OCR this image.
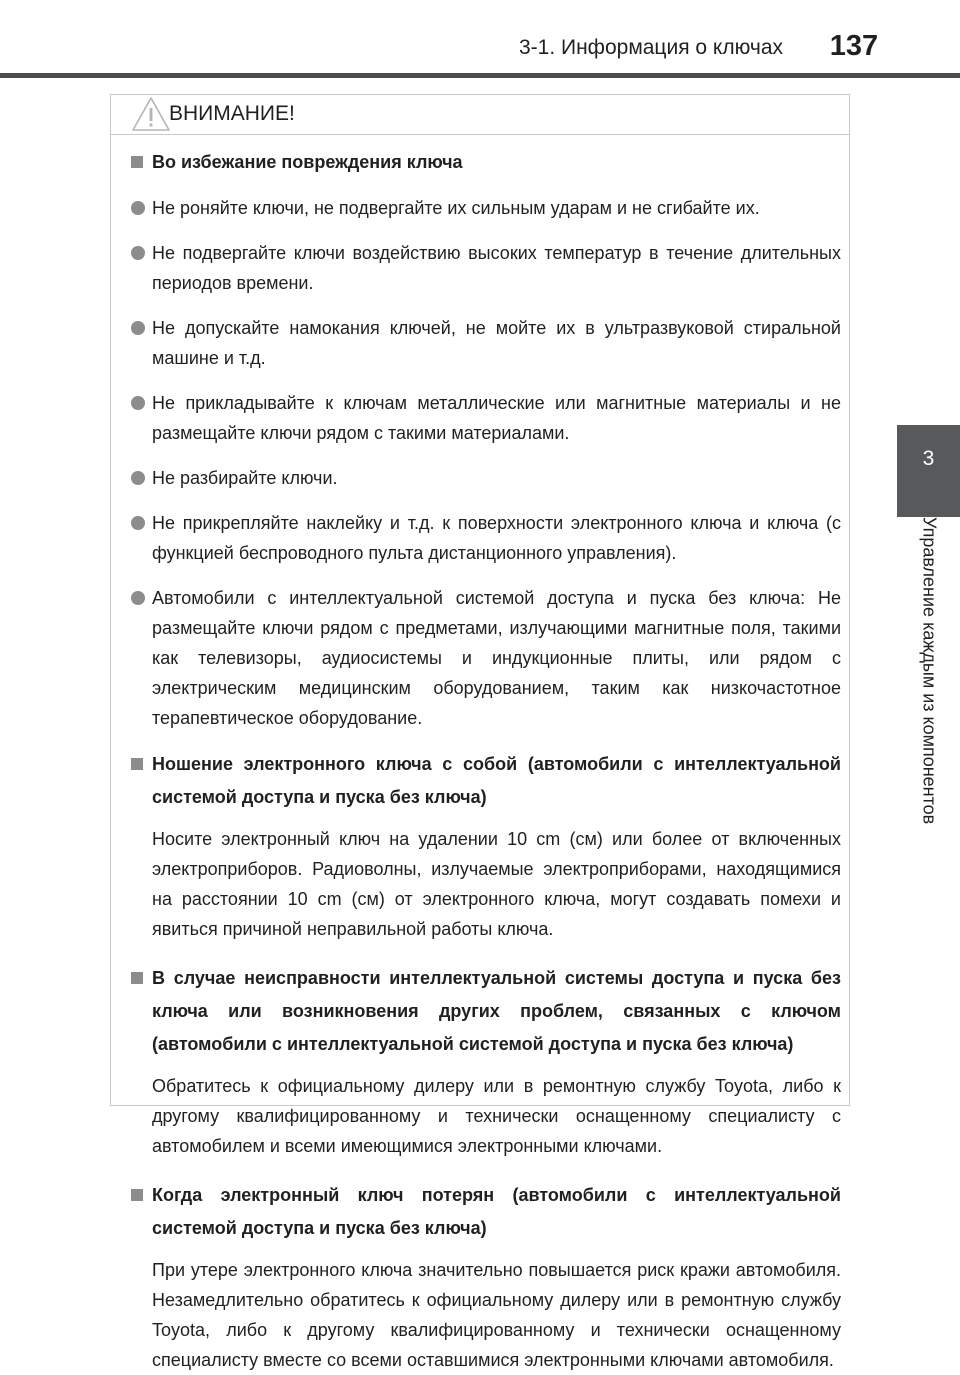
3-1. Информация о ключах	137
3
Управление каждым из компонентов
ВНИМАНИЕ!
Во избежание повреждения ключа
Не роняйте ключи, не подвергайте их сильным ударам и не сгибайте их.
Не подвергайте ключи воздействию высоких температур в течение длительных периодов времени.
Не допускайте намокания ключей, не мойте их в ультразвуковой стиральной машине и т.д.
Не прикладывайте к ключам металлические или магнитные материалы и не размещайте ключи рядом с такими материалами.
Не разбирайте ключи.
Не прикрепляйте наклейку и т.д. к поверхности электронного ключа и ключа (с функцией беспроводного пульта дистанционного управления).
Автомобили с интеллектуальной системой доступа и пуска без ключа: Не размещайте ключи рядом с предметами, излучающими магнитные поля, такими как телевизоры, аудиосистемы и индукционные плиты, или рядом с электрическим медицинским оборудованием, таким как низкочастотное терапевтическое оборудование.
Ношение электронного ключа с собой (автомобили с интеллектуальной системой доступа и пуска без ключа)
Носите электронный ключ на удалении 10 cm (см) или более от включенных электроприборов. Радиоволны, излучаемые электроприборами, находящимися на расстоянии 10 cm (см) от электронного ключа, могут создавать помехи и явиться причиной неправильной работы ключа.
В случае неисправности интеллектуальной системы доступа и пуска без ключа или возникновения других проблем, связанных с ключом (автомобили с интеллектуальной системой доступа и пуска без ключа)
Обратитесь к официальному дилеру или в ремонтную службу Toyota, либо к другому квалифицированному и технически оснащенному специалисту с автомобилем и всеми имеющимися электронными ключами.
Когда электронный ключ потерян (автомобили с интеллектуальной системой доступа и пуска без ключа)
При утере электронного ключа значительно повышается риск кражи автомобиля. Незамедлительно обратитесь к официальному дилеру или в ремонтную службу Toyota, либо к другому квалифицированному и технически оснащенному специалисту вместе со всеми оставшимися электронными ключами автомобиля.
